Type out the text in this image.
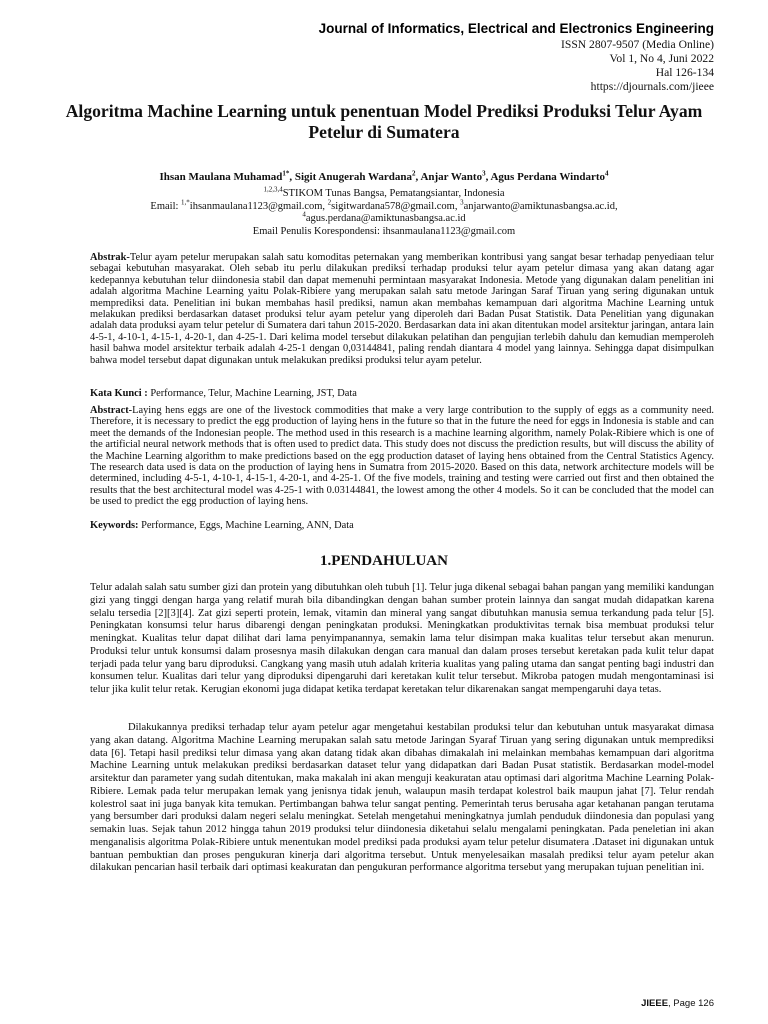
Journal of Informatics, Electrical and Electronics Engineering
ISSN 2807-9507 (Media Online)
Vol 1, No 4, Juni 2022
Hal 126-134
https://djournals.com/jieee
Algoritma Machine Learning untuk penentuan Model Prediksi Produksi Telur Ayam Petelur di Sumatera
Ihsan Maulana Muhamad$^{1*}$, Sigit Anugerah Wardana$^2$, Anjar Wanto$^3$, Agus Perdana Windarto$^4$
$^{1,2,3,4}$STIKOM Tunas Bangsa, Pematangsiantar, Indonesia
Email: $^{1,*}$ihsanmaulana1123@gmail.com, $^2$sigitwardana578@gmail.com, $^3$anjarwanto@amiktunasbangsa.ac.id,
$^4$agus.perdana@amiktunasbangsa.ac.id
Email Penulis Korespondensi: ihsanmaulana1123@gmail.com

Abstrak-Telur ayam petelur merupakan salah satu komoditas peternakan yang memberikan kontribusi yang sangat besar terhadap penyediaan telur sebagai kebutuhan masyarakat. Oleh sebab itu perlu dilakukan prediksi terhadap produksi telur ayam petelur dimasa yang akan datang agar kedepannya kebutuhan telur diindonesia stabil dan dapat memenuhi permintaan masyarakat Indonesia. Metode yang digunakan dalam penelitian ini adalah algoritma Machine Learning yaitu Polak-Ribiere yang merupakan salah satu metode Jaringan Saraf Tiruan yang sering digunakan untuk memprediksi data. Penelitian ini bukan membahas hasil prediksi, namun akan membahas kemampuan dari algoritma Machine Learning untuk melakukan prediksi berdasarkan dataset produksi telur ayam petelur yang diperoleh dari Badan Pusat Statistik. Data Penelitian yang digunakan adalah data produksi ayam telur petelur di Sumatera dari tahun 2015-2020. Berdasarkan data ini akan ditentukan model arsitektur jaringan, antara lain 4-5-1, 4-10-1, 4-15-1, 4-20-1, dan 4-25-1. Dari kelima model tersebut dilakukan pelatihan dan pengujian terlebih dahulu dan kemudian memperoleh hasil bahwa model arsitektur terbaik adalah 4-25-1 dengan 0,03144841, paling rendah diantara 4 model yang lainnya. Sehingga dapat disimpulkan bahwa model tersebut dapat digunakan untuk melakukan prediksi produksi telur ayam petelur.

Kata Kunci : Performance, Telur, Machine Learning, JST, Data

Abstract-Laying hens eggs are one of the livestock commodities that make a very large contribution to the supply of eggs as a community need. Therefore, it is necessary to predict the egg production of laying hens in the future so that in the future the need for eggs in Indonesia is stable and can meet the demands of the Indonesian people. The method used in this research is a machine learning algorithm, namely Polak-Ribiere which is one of the artificial neural network methods that is often used to predict data. This study does not discuss the prediction results, but will discuss the ability of the Machine Learning algorithm to make predictions based on the egg production dataset of laying hens obtained from the Central Statistics Agency. The research data used is data on the production of laying hens in Sumatra from 2015-2020. Based on this data, network architecture models will be determined, including 4-5-1, 4-10-1, 4-15-1, 4-20-1, and 4-25-1. Of the five models, training and testing were carried out first and then obtained the results that the best architectural model was 4-25-1 with 0.03144841, the lowest among the other 4 models. So it can be concluded that the model can be used to predict the egg production of laying hens.

Keywords: Performance, Eggs, Machine Learning, ANN, Data

1.PENDAHULUAN

Telur adalah salah satu sumber gizi dan protein yang dibutuhkan oleh tubuh [1]. Telur juga dikenal sebagai bahan pangan yang memiliki kandungan gizi yang tinggi dengan harga yang relatif murah bila dibandingkan dengan bahan sumber protein lainnya dan sangat mudah didapatkan karena selalu tersedia [2][3][4]. Zat gizi seperti protein, lemak, vitamin dan mineral yang sangat dibutuhkan manusia semua terkandung pada telur [5]. Peningkatan konsumsi telur harus dibarengi dengan peningkatan produksi. Meningkatkan produktivitas ternak bisa membuat produksi telur meningkat. Kualitas telur dapat dilihat dari lama penyimpanannya, semakin lama telur disimpan maka kualitas telur tersebut akan menurun. Produksi telur untuk konsumsi dalam prosesnya masih dilakukan dengan cara manual dan dalam proses tersebut keretakan pada kulit telur dapat terjadi pada telur yang baru diproduksi. Cangkang yang masih utuh adalah kriteria kualitas yang paling utama dan sangat penting bagi industri dan konsumen telur. Kualitas dari telur yang diproduksi dipengaruhi dari keretakan kulit telur tersebut. Mikroba patogen mudah mengontaminasi isi telur jika kulit telur retak. Kerugian ekonomi juga didapat ketika terdapat keretakan telur dikarenakan sangat mempengaruhi daya tetas.

Dilakukannya prediksi terhadap telur ayam petelur agar mengetahui kestabilan produksi telur dan kebutuhan untuk masyarakat dimasa yang akan datang. Algoritma Machine Learning merupakan salah satu metode Jaringan Syaraf Tiruan yang sering digunakan untuk memprediksi data [6]. Tetapi hasil prediksi telur dimasa yang akan datang tidak akan dibahas dimakalah ini melainkan membahas kemampuan dari algoritma Machine Learning untuk melakukan prediksi berdasarkan dataset telur yang didapatkan dari Badan Pusat statistik. Berdasarkan model-model arsitektur dan parameter yang sudah ditentukan, maka makalah ini akan menguji keakuratan atau optimasi dari algoritma Machine Learning Polak- Ribiere. Lemak pada telur merupakan lemak yang jenisnya tidak jenuh, walaupun masih terdapat kolestrol baik maupun jahat [7]. Telur rendah kolestrol saat ini juga banyak kita temukan. Pertimbangan bahwa telur sangat penting. Pemerintah terus berusaha agar ketahanan pangan terutama yang bersumber dari produksi dalam negeri selalu meningkat. Setelah mengetahui meningkatnya jumlah penduduk diindonesia dan populasi yang semakin luas. Sejak tahun 2012 hingga tahun 2019 produksi telur diindonesia diketahui selalu mengalami peningkatan. Pada peneletian ini akan menganalisis algoritma Polak-Ribiere untuk menentukan model prediksi pada produksi ayam telur petelur disumatera .Dataset ini digunakan untuk bantuan pembuktian dan proses pengukuran kinerja dari algoritma tersebut. Untuk menyelesaikan masalah prediksi telur ayam petelur akan dilakukan pencarian hasil terbaik dari optimasi keakuratan dan pengukuran performance algoritma tersebut yang merupakan tujuan penelitian ini.

JIEEE, Page 126
